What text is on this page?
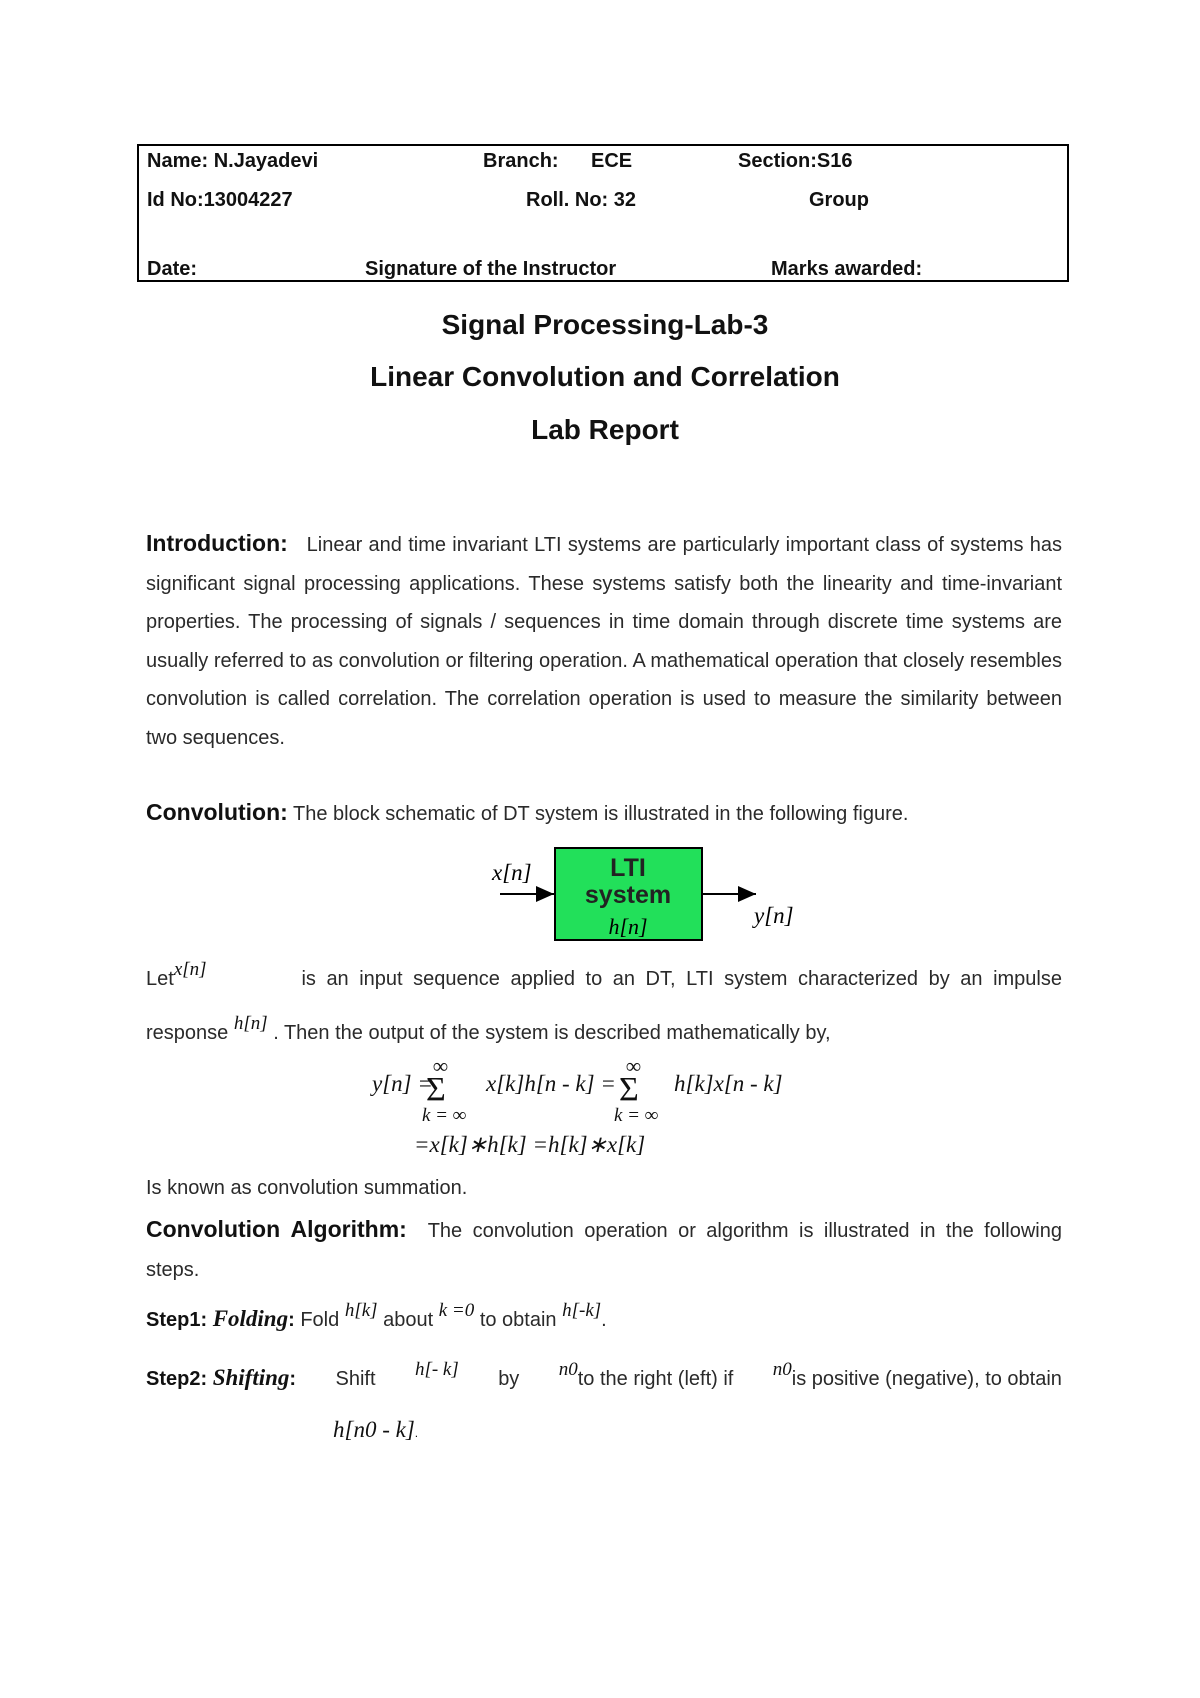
Name: N.Jayadevi	Branch: ECE	Section:S16
Id No:13004227	Roll. No: 32	Group
Date:	Signature of the Instructor	Marks awarded:
Signal Processing-Lab-3
Linear Convolution and Correlation
Lab Report
Introduction: Linear and time invariant LTI systems are particularly important class of systems has significant signal processing applications. These systems satisfy both the linearity and time-invariant properties. The processing of signals / sequences in time domain through discrete time systems are usually referred to as convolution or filtering operation. A mathematical operation that closely resembles convolution is called correlation. The correlation operation is used to measure the similarity between two sequences.
Convolution: The block schematic of DT system is illustrated in the following figure.
x[n]	LTI
system
h[n]	y[n]
Letx[n]	is an input sequence applied to an DT, LTI system characterized by an impulse
response h[n] . Then the output of the system is described mathematically by,
y[n] =
∞
Σ
k = ∞
x[k]h[n - k] =
∞
Σ
k = ∞
h[k]x[n - k]
=x[k]∗h[k] =h[k]∗x[k]
Is known as convolution summation.
Convolution Algorithm: The convolution operation or algorithm is illustrated in the following steps.
Step1: Folding: Fold h[k] about k =0 to obtain h[-k].
Step2: Shifting: Shift h[- k] by n0to the right (left) if n0is positive (negative), to obtain
h[n0 - k].
